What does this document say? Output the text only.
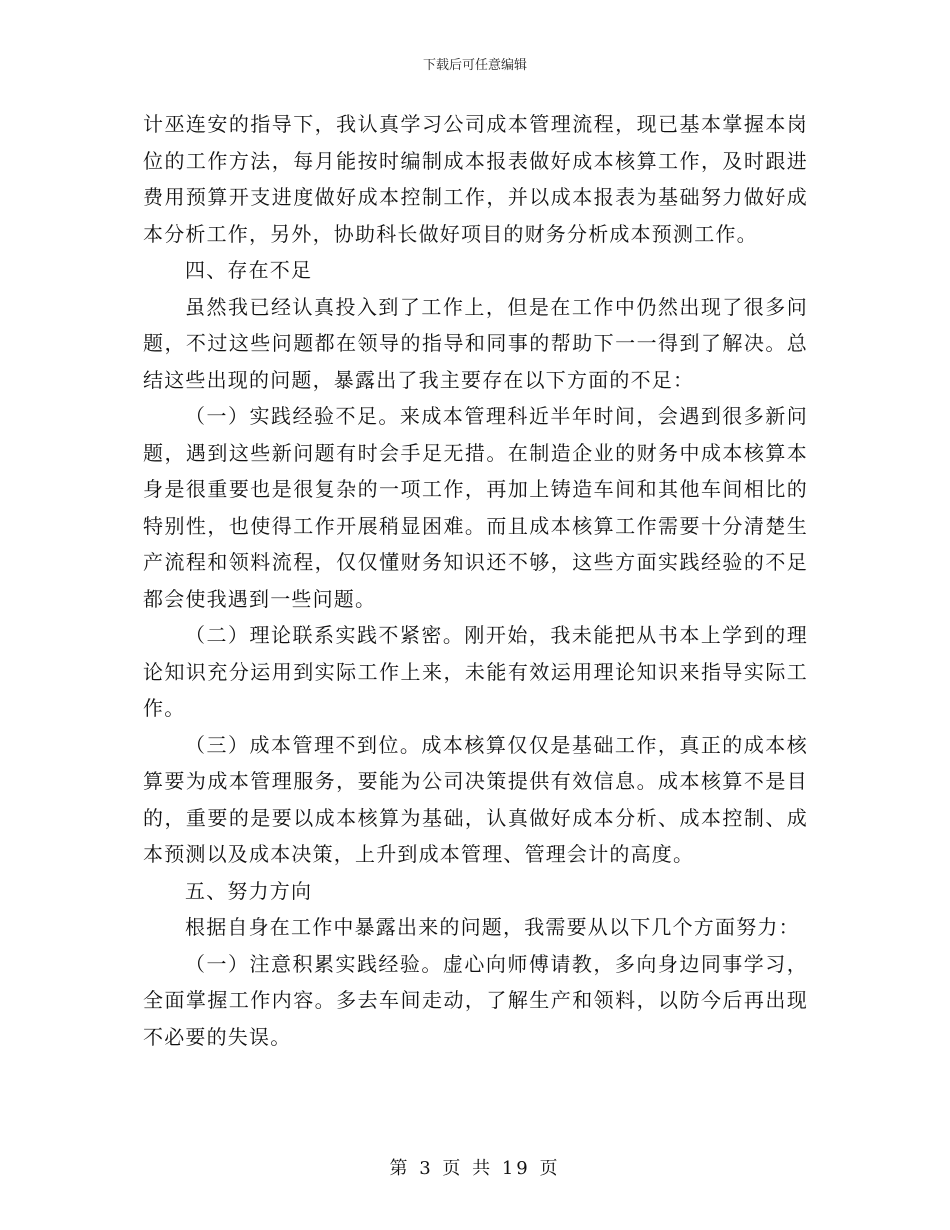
下载后可任意编辑

计巫连安的指导下，我认真学习公司成本管理流程，现已基本掌握本岗位的工作方法，每月能按时编制成本报表做好成本核算工作，及时跟进费用预算开支进度做好成本控制工作，并以成本报表为基础努力做好成本分析工作，另外，协助科长做好项目的财务分析成本预测工作。

四、存在不足

虽然我已经认真投入到了工作上，但是在工作中仍然出现了很多问题，不过这些问题都在领导的指导和同事的帮助下一一得到了解决。总结这些出现的问题，暴露出了我主要存在以下方面的不足：

（一）实践经验不足。来成本管理科近半年时间，会遇到很多新问题，遇到这些新问题有时会手足无措。在制造企业的财务中成本核算本身是很重要也是很复杂的一项工作，再加上铸造车间和其他车间相比的特别性，也使得工作开展稍显困难。而且成本核算工作需要十分清楚生产流程和领料流程，仅仅懂财务知识还不够，这些方面实践经验的不足都会使我遇到一些问题。

（二）理论联系实践不紧密。刚开始，我未能把从书本上学到的理论知识充分运用到实际工作上来，未能有效运用理论知识来指导实际工作。

（三）成本管理不到位。成本核算仅仅是基础工作，真正的成本核算要为成本管理服务，要能为公司决策提供有效信息。成本核算不是目的，重要的是要以成本核算为基础，认真做好成本分析、成本控制、成本预测以及成本决策，上升到成本管理、管理会计的高度。

五、努力方向

根据自身在工作中暴露出来的问题，我需要从以下几个方面努力：

（一）注意积累实践经验。虚心向师傅请教，多向身边同事学习，全面掌握工作内容。多去车间走动，了解生产和领料，以防今后再出现不必要的失误。

第 3 页 共 19 页
